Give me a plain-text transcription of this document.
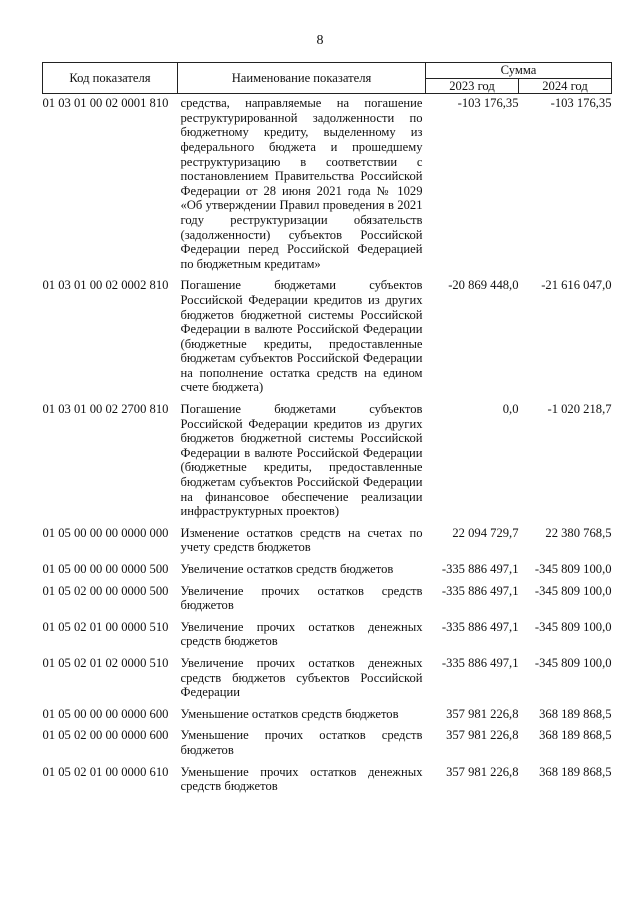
8
Код показателя	Наименование показателя	Сумма	
		2023 год	2024 год
01 03 01 00 02 0001 810	средства, направляемые на погашение реструктурированной задолженности по бюджетному кредиту, выделенному из федерального бюджета и прошедшему реструктуризацию в соответствии с постановлением Правительства Российской Федерации от 28 июня 2021 года № 1029 «Об утверждении Правил проведения в 2021 году реструктуризации обязательств (задолженности) субъектов Российской Федерации перед Российской Федерацией по бюджетным кредитам»	-103 176,35	-103 176,35
01 03 01 00 02 0002 810	Погашение бюджетами субъектов Российской Федерации кредитов из других бюджетов бюджетной системы Российской Федерации в валюте Российской Федерации (бюджетные кредиты, предоставленные бюджетам субъектов Российской Федерации на пополнение остатка средств на едином счете бюджета)	-20 869 448,0	-21 616 047,0
01 03 01 00 02 2700 810	Погашение бюджетами субъектов Российской Федерации кредитов из других бюджетов бюджетной системы Российской Федерации в валюте Российской Федерации (бюджетные кредиты, предоставленные бюджетам субъектов Российской Федерации на финансовое обеспечение реализации инфраструктурных проектов)	0,0	-1 020 218,7
01 05 00 00 00 0000 000	Изменение остатков средств на счетах по учету средств бюджетов	22 094 729,7	22 380 768,5
01 05 00 00 00 0000 500	Увеличение остатков средств бюджетов	-335 886 497,1	-345 809 100,0
01 05 02 00 00 0000 500	Увеличение прочих остатков средств бюджетов	-335 886 497,1	-345 809 100,0
01 05 02 01 00 0000 510	Увеличение прочих остатков денежных средств бюджетов	-335 886 497,1	-345 809 100,0
01 05 02 01 02 0000 510	Увеличение прочих остатков денежных средств бюджетов субъектов Российской Федерации	-335 886 497,1	-345 809 100,0
01 05 00 00 00 0000 600	Уменьшение остатков средств бюджетов	357 981 226,8	368 189 868,5
01 05 02 00 00 0000 600	Уменьшение прочих остатков средств бюджетов	357 981 226,8	368 189 868,5
01 05 02 01 00 0000 610	Уменьшение прочих остатков денежных средств бюджетов	357 981 226,8	368 189 868,5
